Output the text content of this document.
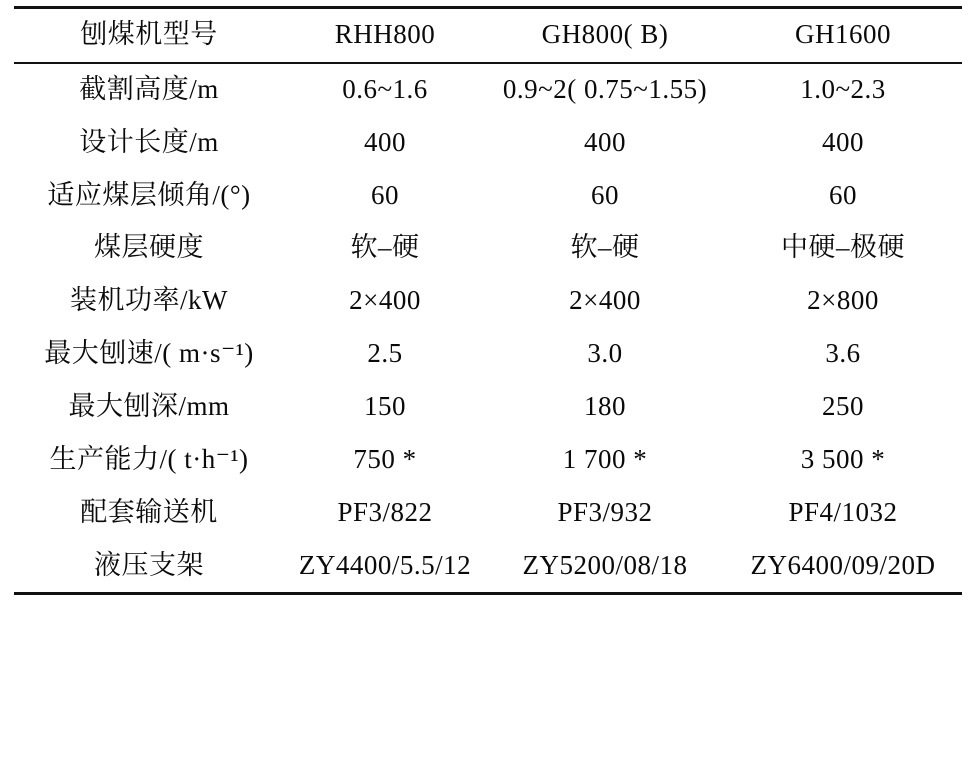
刨煤机型号	RHH800	GH800( B)	GH1600
截割高度/m	0.6~1.6	0.9~2( 0.75~1.55)	1.0~2.3
设计长度/m	400	400	400
适应煤层倾角/(°)	60	60	60
煤层硬度	软–硬	软–硬	中硬–极硬
装机功率/kW	2×400	2×400	2×800
最大刨速/( m·s⁻¹)	2.5	3.0	3.6
最大刨深/mm	150	180	250
生产能力/( t·h⁻¹)	750 *	1 700 *	3 500 *
配套输送机	PF3/822	PF3/932	PF4/1032
液压支架	ZY4400/5.5/12	ZY5200/08/18	ZY6400/09/20D
